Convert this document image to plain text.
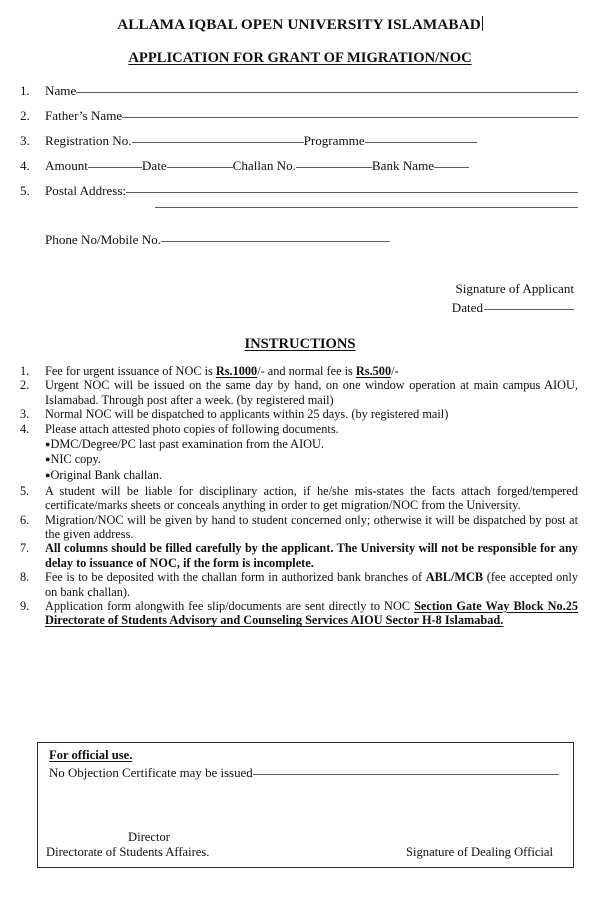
ALLAMA IQBAL OPEN UNIVERSITY ISLAMABAD
APPLICATION FOR GRANT OF MIGRATION/NOC
1.	Name
2.	Father’s Name
3.	Registration No.	Programme
4.	Amount	Date	Challan No.	Bank Name
5.	Postal Address:
Phone No/Mobile No.
Signature of Applicant
Dated
INSTRUCTIONS
1.	Fee for urgent issuance of NOC is Rs.1000/- and normal fee is Rs.500/-
2.	Urgent NOC will be issued on the same day by hand, on one window operation at main campus AIOU, Islamabad. Through post after a week. (by registered mail)
3.	Normal NOC will be dispatched to applicants within 25 days. (by registered mail)
4.	Please attach attested photo copies of following documents.
● DMC/Degree/PC last past examination from the AIOU.
● NIC copy.
● Original Bank challan.
5.	A student will be liable for disciplinary action, if he/she mis-states the facts attach forged/tempered certificate/marks sheets or conceals anything in order to get migration/NOC from the University.
6.	Migration/NOC will be given by hand to student concerned only; otherwise it will be dispatched by post at the given address.
7.	All columns should be filled carefully by the applicant. The University will not be responsible for any delay to issuance of NOC, if the form is incomplete.
8.	Fee is to be deposited with the challan form in authorized bank branches of ABL/MCB (fee accepted only on bank challan).
9.	Application form alongwith fee slip/documents are sent directly to NOC Section Gate Way Block No.25 Directorate of Students Advisory and Counseling Services AIOU Sector H-8 Islamabad.
For official use.
No Objection Certificate may be issued
Director
Directorate of Students Affaires.	Signature of Dealing Official
